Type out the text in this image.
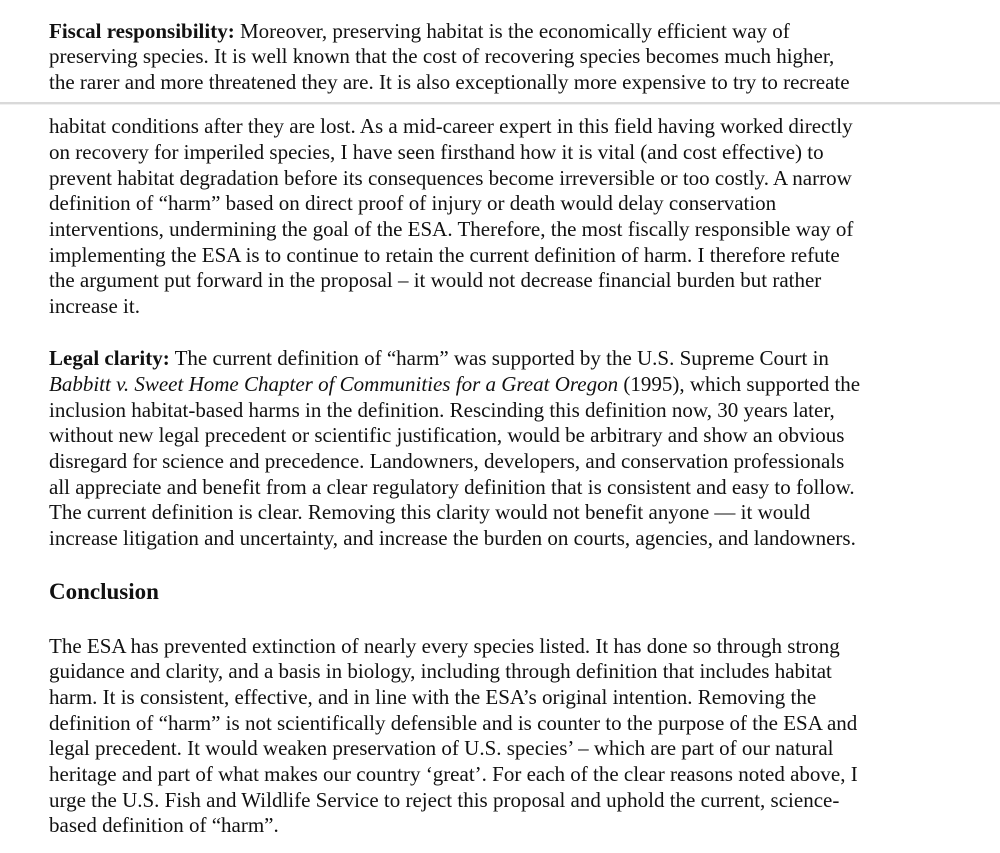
Fiscal responsibility: Moreover, preserving habitat is the economically efficient way of
preserving species. It is well known that the cost of recovering species becomes much higher,
the rarer and more threatened they are. It is also exceptionally more expensive to try to recreate
habitat conditions after they are lost. As a mid-career expert in this field having worked directly
on recovery for imperiled species, I have seen firsthand how it is vital (and cost effective) to
prevent habitat degradation before its consequences become irreversible or too costly. A narrow
definition of “harm” based on direct proof of injury or death would delay conservation
interventions, undermining the goal of the ESA. Therefore, the most fiscally responsible way of
implementing the ESA is to continue to retain the current definition of harm. I therefore refute
the argument put forward in the proposal – it would not decrease financial burden but rather
increase it.
Legal clarity: The current definition of “harm” was supported by the U.S. Supreme Court in
Babbitt v. Sweet Home Chapter of Communities for a Great Oregon (1995), which supported the
inclusion habitat-based harms in the definition. Rescinding this definition now, 30 years later,
without new legal precedent or scientific justification, would be arbitrary and show an obvious
disregard for science and precedence. Landowners, developers, and conservation professionals
all appreciate and benefit from a clear regulatory definition that is consistent and easy to follow.
The current definition is clear. Removing this clarity would not benefit anyone — it would
increase litigation and uncertainty, and increase the burden on courts, agencies, and landowners.
Conclusion
The ESA has prevented extinction of nearly every species listed. It has done so through strong
guidance and clarity, and a basis in biology, including through definition that includes habitat
harm. It is consistent, effective, and in line with the ESA’s original intention. Removing the
definition of “harm” is not scientifically defensible and is counter to the purpose of the ESA and
legal precedent. It would weaken preservation of U.S. species’ – which are part of our natural
heritage and part of what makes our country ‘great’. For each of the clear reasons noted above, I
urge the U.S. Fish and Wildlife Service to reject this proposal and uphold the current, science-
based definition of “harm”.
